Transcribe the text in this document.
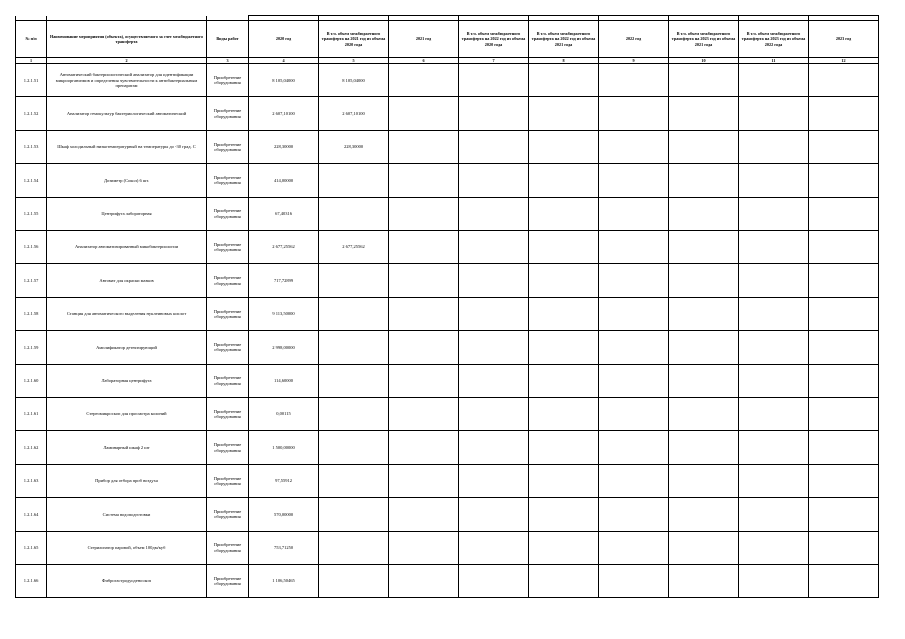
№ п/п	Наименование мероприятия (объекта), осуществляемого за счет межбюджетного трансферта	Виды работ	2020 год	В т.ч. объем межбюджетного трансферта на 2021 год из объема 2020 года	2021 год	В т.ч. объем межбюджетного трансферта на 2022 год из объема 2020 года	В т.ч. объем межбюджетного трансферта на 2022 год из объема 2021 года	2022 год	В т.ч. объем межбюджетного трансферта на 2023 год из объема 2021 года	В т.ч. объем межбюджетного трансферта на 2023 год из объема 2022 года	2023 год
1	2	3	4	5	6	7	8	9	10	11	12
1.2.1.51	Автоматический бактериологический анализатор для идентификации микроорганизмов и определения чувствительности к антибактериальным препаратам	Приобретение оборудования	8 105,04000	8 105,04000							
1.2.1.52	Анализатор гемокультур бактериологический автоматический	Приобретение оборудования	2 607,10100	2 607,10100							
1.2.1.53	Шкаф холодильный низкотемпературный на температуры до -30 град. С	Приобретение оборудования	228,30000	228,30000							
1.2.1.54	Дозиметр (Сокол) 6 шт.	Приобретение оборудования	414,00000								
1.2.1.55	Центрифуга лабораторная	Приобретение оборудования	67,40316								
1.2.1.56	Анализатор автоматизированный микобиктериологии	Приобретение оборудования	2 677,25562	2 677,25562							
1.2.1.57	Автомат для окраски мазков	Приобретение оборудования	717,72899								
1.2.1.58	Станция для автоматического выделения нуклеиновых кислот	Приобретение оборудования	9 113,50000								
1.2.1.59	Амплификатор детектирующий	Приобретение оборудования	2 998,00000								
1.2.1.60	Лабораторная центрифуга	Приобретение оборудования	114,60000								
1.2.1.61	Стереомикроскоп для просмотра колоний	Приобретение оборудования	0,00115								
1.2.1.62	Ламинарный шкаф 2 шт	Приобретение оборудования	1 500,00000								
1.2.1.63	Прибор для отбора проб воздуха	Приобретение оборудования	97,55912								
1.2.1.64	Система водоподготовки	Приобретение оборудования	570,00000								
1.2.1.65	Стерилизатор паровой, объем 100дм/куб	Приобретение оборудования	753,71250								
1.2.1.66	Фиброгастродуоденоскоп	Приобретение оборудования	1 106,50465								
